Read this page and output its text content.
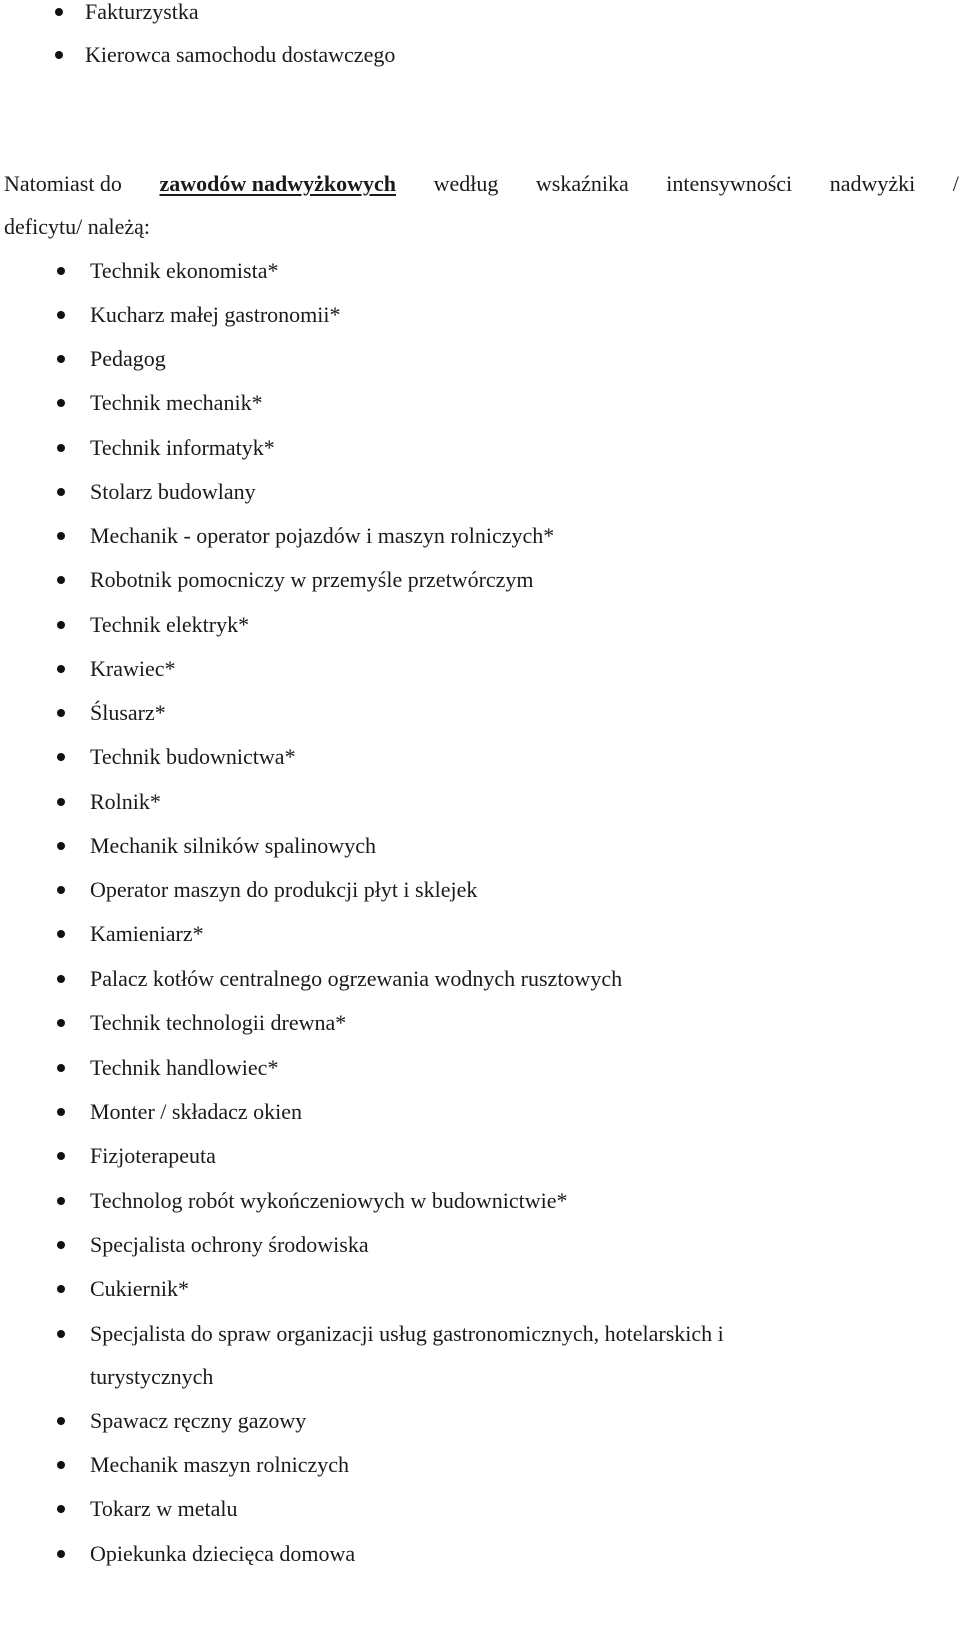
Fakturzystka
Kierowca samochodu dostawczego
Natomiast do zawodów nadwyżkowych według wskaźnika intensywności nadwyżki /
deficytu/ należą:
Technik ekonomista*
Kucharz małej gastronomii*
Pedagog
Technik mechanik*
Technik informatyk*
Stolarz budowlany
Mechanik - operator pojazdów i maszyn rolniczych*
Robotnik pomocniczy w przemyśle przetwórczym
Technik elektryk*
Krawiec*
Ślusarz*
Technik budownictwa*
Rolnik*
Mechanik silników spalinowych
Operator maszyn do produkcji płyt i sklejek
Kamieniarz*
Palacz kotłów centralnego ogrzewania wodnych rusztowych
Technik technologii drewna*
Technik handlowiec*
Monter / składacz okien
Fizjoterapeuta
Technolog robót wykończeniowych w budownictwie*
Specjalista ochrony środowiska
Cukiernik*
Specjalista do spraw organizacji usług gastronomicznych, hotelarskich i
turystycznych
Spawacz ręczny gazowy
Mechanik maszyn rolniczych
Tokarz w metalu
Opiekunka dziecięca domowa
